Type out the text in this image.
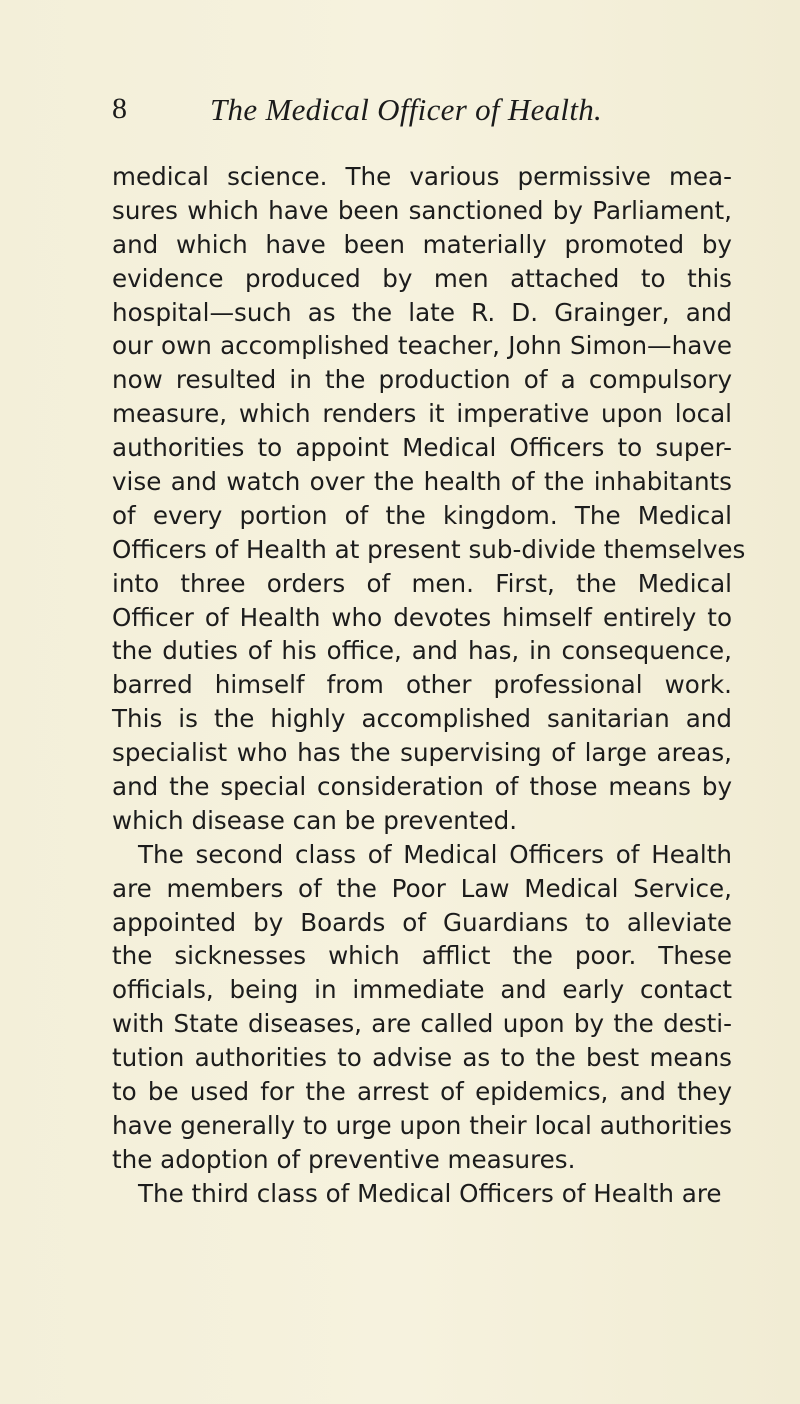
8	The Medical Officer of Health.
medical science. The various permissive mea-
sures which have been sanctioned by Parliament,
and which have been materially promoted by
evidence produced by men attached to this
hospital—such as the late R. D. Grainger, and
our own accomplished teacher, John Simon—have
now resulted in the production of a compulsory
measure, which renders it imperative upon local
authorities to appoint Medical Officers to super-
vise and watch over the health of the inhabitants
of every portion of the kingdom. The Medical
Officers of Health at present sub-divide themselves
into three orders of men. First, the Medical
Officer of Health who devotes himself entirely to
the duties of his office, and has, in consequence,
barred himself from other professional work.
This is the highly accomplished sanitarian and
specialist who has the supervising of large areas,
and the special consideration of those means by
which disease can be prevented.
The second class of Medical Officers of Health
are members of the Poor Law Medical Service,
appointed by Boards of Guardians to alleviate
the sicknesses which afflict the poor. These
officials, being in immediate and early contact
with State diseases, are called upon by the desti-
tution authorities to advise as to the best means
to be used for the arrest of epidemics, and they
have generally to urge upon their local authorities
the adoption of preventive measures.
The third class of Medical Officers of Health are
